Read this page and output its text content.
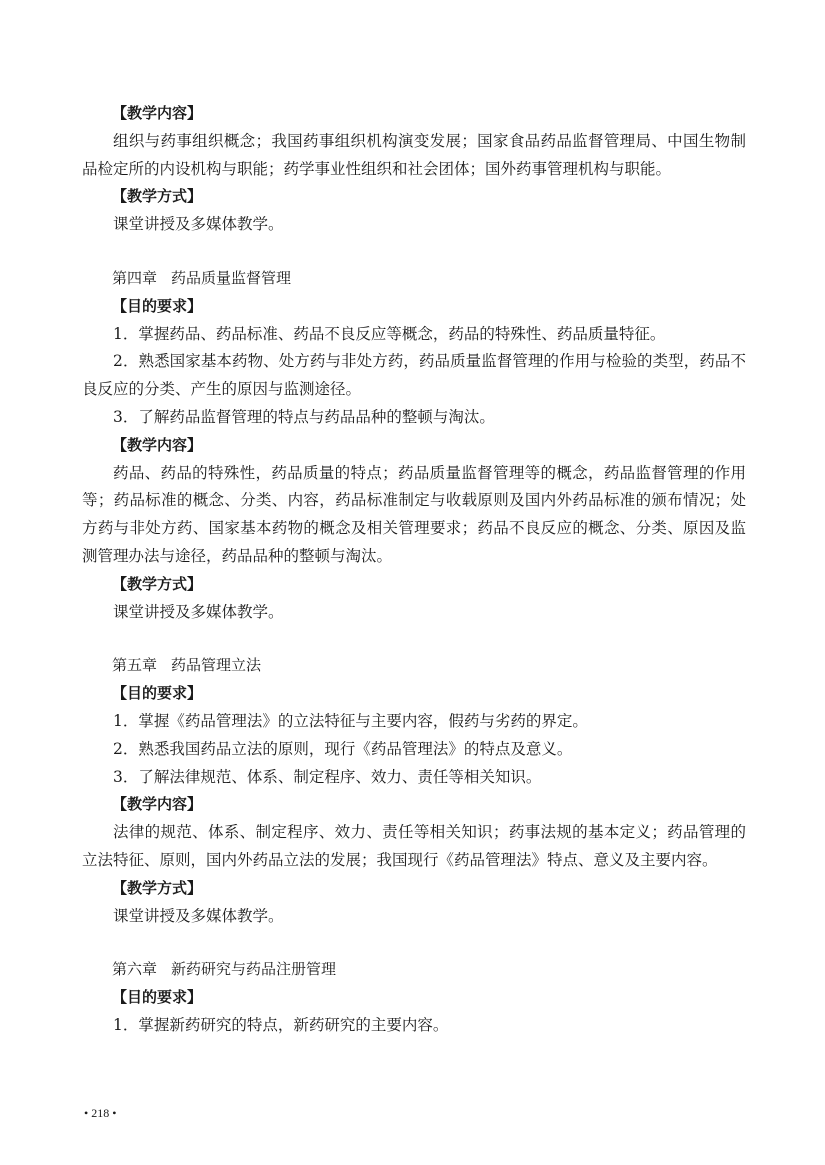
【教学内容】

组织与药事组织概念；我国药事组织机构演变发展；国家食品药品监督管理局、中国生物制品检定所的内设机构与职能；药学事业性组织和社会团体；国外药事管理机构与职能。

【教学方式】
课堂讲授及多媒体教学。
第四章 药品质量监督管理
【目的要求】
1．掌握药品、药品标准、药品不良反应等概念，药品的特殊性、药品质量特征。

2．熟悉国家基本药物、处方药与非处方药，药品质量监督管理的作用与检验的类型，药品不良反应的分类、产生的原因与监测途径。

3．了解药品监督管理的特点与药品品种的整顿与淘汰。
【教学内容】

药品、药品的特殊性，药品质量的特点；药品质量监督管理等的概念，药品监督管理的作用等；药品标准的概念、分类、内容，药品标准制定与收载原则及国内外药品标准的颁布情况；处方药与非处方药、国家基本药物的概念及相关管理要求；药品不良反应的概念、分类、原因及监测管理办法与途径，药品品种的整顿与淘汰。

【教学方式】
课堂讲授及多媒体教学。
第五章 药品管理立法
【目的要求】
1．掌握《药品管理法》的立法特征与主要内容，假药与劣药的界定。
2．熟悉我国药品立法的原则，现行《药品管理法》的特点及意义。
3．了解法律规范、体系、制定程序、效力、责任等相关知识。
【教学内容】

法律的规范、体系、制定程序、效力、责任等相关知识；药事法规的基本定义；药品管理的立法特征、原则，国内外药品立法的发展；我国现行《药品管理法》特点、意义及主要内容。

【教学方式】
课堂讲授及多媒体教学。
第六章 新药研究与药品注册管理
【目的要求】
1．掌握新药研究的特点，新药研究的主要内容。
• 218 •
